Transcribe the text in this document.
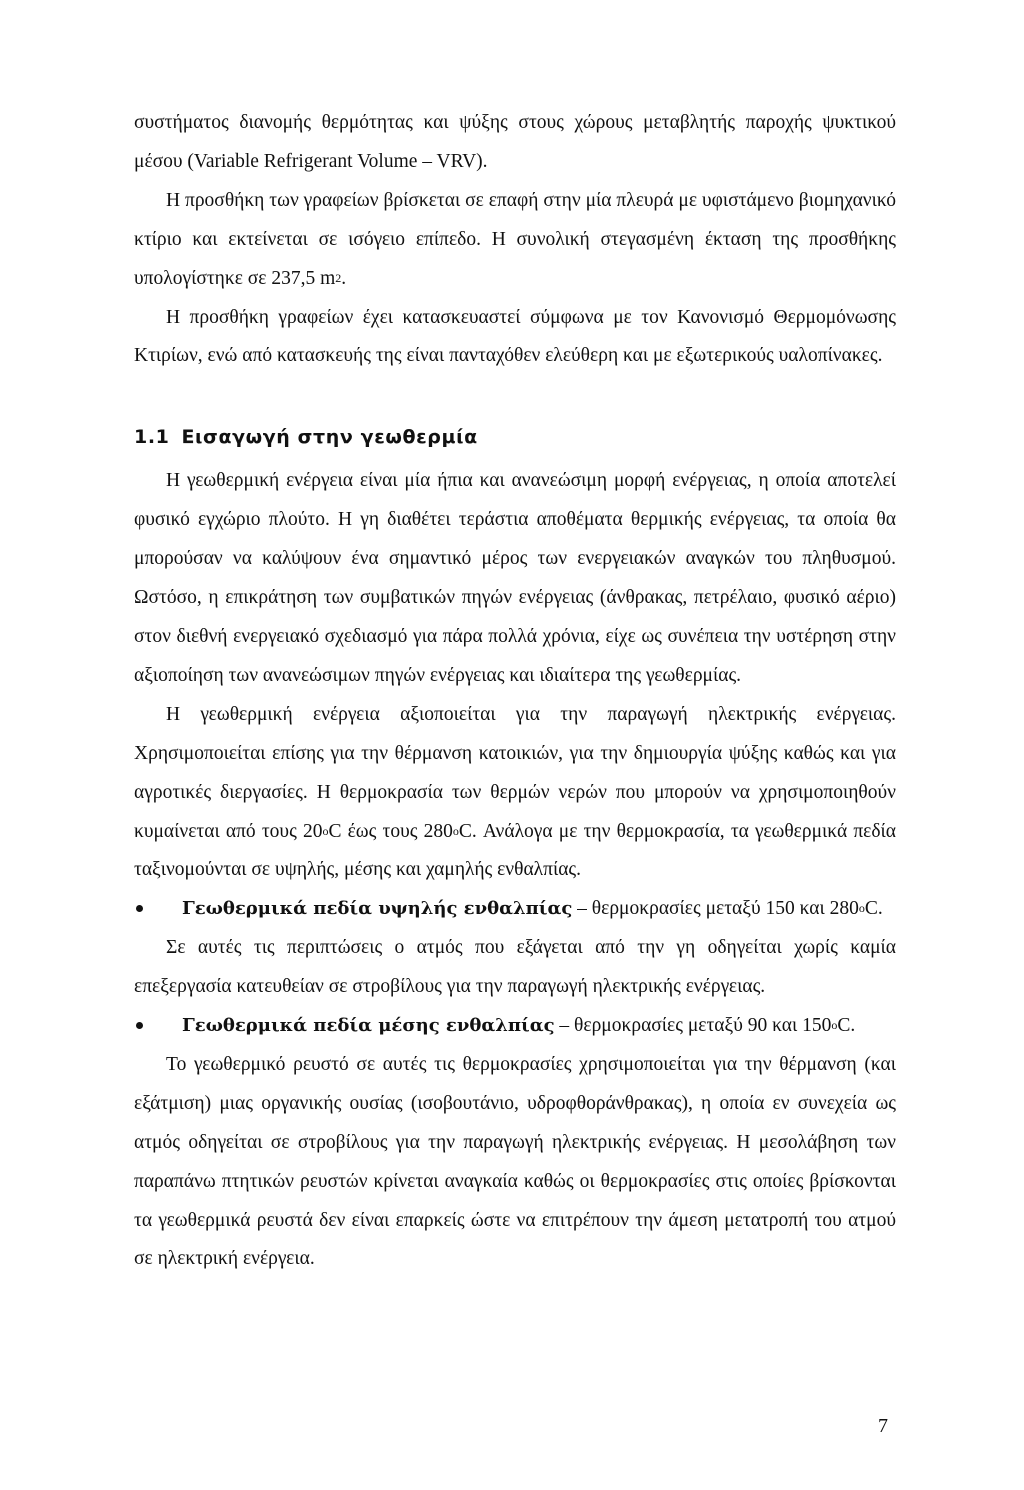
συστήματος διανομής θερμότητας και ψύξης στους χώρους μεταβλητής παροχής ψυκτικού μέσου (Variable Refrigerant Volume – VRV).

Η προσθήκη των γραφείων βρίσκεται σε επαφή στην μία πλευρά με υφιστάμενο βιομηχανικό κτίριο και εκτείνεται σε ισόγειο επίπεδο. Η συνολική στεγασμένη έκταση της προσθήκης υπολογίστηκε σε 237,5 $m^2$.

Η προσθήκη γραφείων έχει κατασκευαστεί σύμφωνα με τον Κανονισμό Θερμομόνωσης Κτιρίων, ενώ από κατασκευής της είναι πανταχόθεν ελεύθερη και με εξωτερικούς υαλοπίνακες.

1.1 Εισαγωγή στην γεωθερμία

Η γεωθερμική ενέργεια είναι μία ήπια και ανανεώσιμη μορφή ενέργειας, η οποία αποτελεί φυσικό εγχώριο πλούτο. Η γη διαθέτει τεράστια αποθέματα θερμικής ενέργειας, τα οποία θα μπορούσαν να καλύψουν ένα σημαντικό μέρος των ενεργειακών αναγκών του πληθυσμού. Ωστόσο, η επικράτηση των συμβατικών πηγών ενέργειας (άνθρακας, πετρέλαιο, φυσικό αέριο) στον διεθνή ενεργειακό σχεδιασμό για πάρα πολλά χρόνια, είχε ως συνέπεια την υστέρηση στην αξιοποίηση των ανανεώσιμων πηγών ενέργειας και ιδιαίτερα της γεωθερμίας.

Η γεωθερμική ενέργεια αξιοποιείται για την παραγωγή ηλεκτρικής ενέργειας. Χρησιμοποιείται επίσης για την θέρμανση κατοικιών, για την δημιουργία ψύξης καθώς και για αγροτικές διεργασίες. Η θερμοκρασία των θερμών νερών που μπορούν να χρησιμοποιηθούν κυμαίνεται από τους 20$^o$C έως τους 280$^o$C. Ανάλογα με την θερμοκρασία, τα γεωθερμικά πεδία ταξινομούνται σε υψηλής, μέσης και χαμηλής ενθαλπίας.

Γεωθερμικά πεδία υψηλής ενθαλπίας – θερμοκρασίες μεταξύ 150 και 280$^o$C.

Σε αυτές τις περιπτώσεις ο ατμός που εξάγεται από την γη οδηγείται χωρίς καμία επεξεργασία κατευθείαν σε στροβίλους για την παραγωγή ηλεκτρικής ενέργειας.

Γεωθερμικά πεδία μέσης ενθαλπίας – θερμοκρασίες μεταξύ 90 και 150$^o$C.

Το γεωθερμικό ρευστό σε αυτές τις θερμοκρασίες χρησιμοποιείται για την θέρμανση (και εξάτμιση) μιας οργανικής ουσίας (ισοβουτάνιο, υδροφθοράνθρακας), η οποία εν συνεχεία ως ατμός οδηγείται σε στροβίλους για την παραγωγή ηλεκτρικής ενέργειας. Η μεσολάβηση των παραπάνω πτητικών ρευστών κρίνεται αναγκαία καθώς οι θερμοκρασίες στις οποίες βρίσκονται τα γεωθερμικά ρευστά δεν είναι επαρκείς ώστε να επιτρέπουν την άμεση μετατροπή του ατμού σε ηλεκτρική ενέργεια.

7
